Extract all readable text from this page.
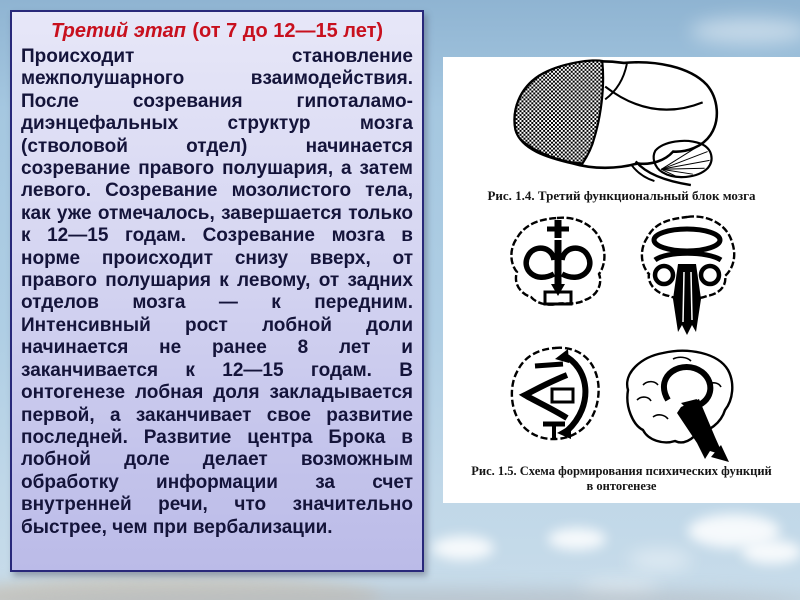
Третий этап (от 7 до 12—15 лет)
Происходит становление межполушарного взаимодействия. После созревания гипоталамо-диэнцефальных структур мозга (стволовой отдел) начинается созревание правого полушария, а затем левого. Созревание мозолистого тела, как уже отмечалось, завершается только к 12—15 годам. Созревание мозга в норме происходит снизу вверх, от правого полушария к левому, от задних отделов мозга — к передним. Интенсивный рост лобной доли начинается не ранее 8 лет и заканчивается к 12—15 годам. В онтогенезе лобная доля закладывается первой, а заканчивает свое развитие последней. Развитие центра Брока в лобной доле делает возможным обработку информации за счет внутренней речи, что значительно быстрее, чем при вербализации.
Рис. 1.4. Третий функциональный блок мозга
Рис. 1.5. Схема формирования психических функций
в онтогенезе
